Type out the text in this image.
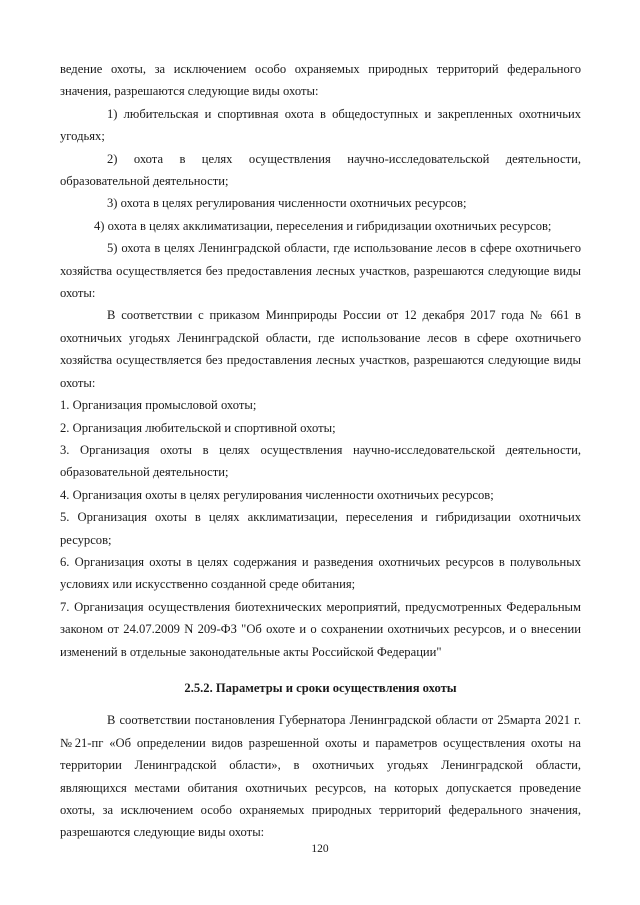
ведение охоты, за исключением особо охраняемых природных территорий федерального значения, разрешаются следующие виды охоты:

1) любительская и спортивная охота в общедоступных и закрепленных охотничьих угодьях;

2) охота в целях осуществления научно-исследовательской деятельности, образовательной деятельности;

3) охота в целях регулирования численности охотничьих ресурсов;

4) охота в целях акклиматизации, переселения и гибридизации охотничьих ресурсов;

5) охота в целях Ленинградской области, где использование лесов в сфере охотничьего хозяйства осуществляется без предоставления лесных участков, разрешаются следующие виды охоты:

В соответствии с приказом Минприроды России от 12 декабря 2017 года № 661 в охотничьих угодьях Ленинградской области, где использование лесов в сфере охотничьего хозяйства осуществляется без предоставления лесных участков, разрешаются следующие виды охоты:

1. Организация промысловой охоты;

2. Организация любительской и спортивной охоты;

3. Организация охоты в целях осуществления научно-исследовательской деятельности, образовательной деятельности;

4. Организация охоты в целях регулирования численности охотничьих ресурсов;

5. Организация охоты в целях акклиматизации, переселения и гибридизации охотничьих ресурсов;

6. Организация охоты в целях содержания и разведения охотничьих ресурсов в полувольных условиях или искусственно созданной среде обитания;

7. Организация осуществления биотехнических мероприятий, предусмотренных Федеральным законом от 24.07.2009 N 209-ФЗ "Об охоте и о сохранении охотничьих ресурсов, и о внесении изменений в отдельные законодательные акты Российской Федерации"

2.5.2. Параметры и сроки осуществления охоты

В соответствии постановления Губернатора Ленинградской области от 25марта 2021 г. №21-пг «Об определении видов разрешенной охоты и параметров осуществления охоты на территории Ленинградской области», в охотничьих угодьях Ленинградской области, являющихся местами обитания охотничьих ресурсов, на которых допускается проведение охоты, за исключением особо охраняемых природных территорий федерального значения, разрешаются следующие виды охоты:

120
